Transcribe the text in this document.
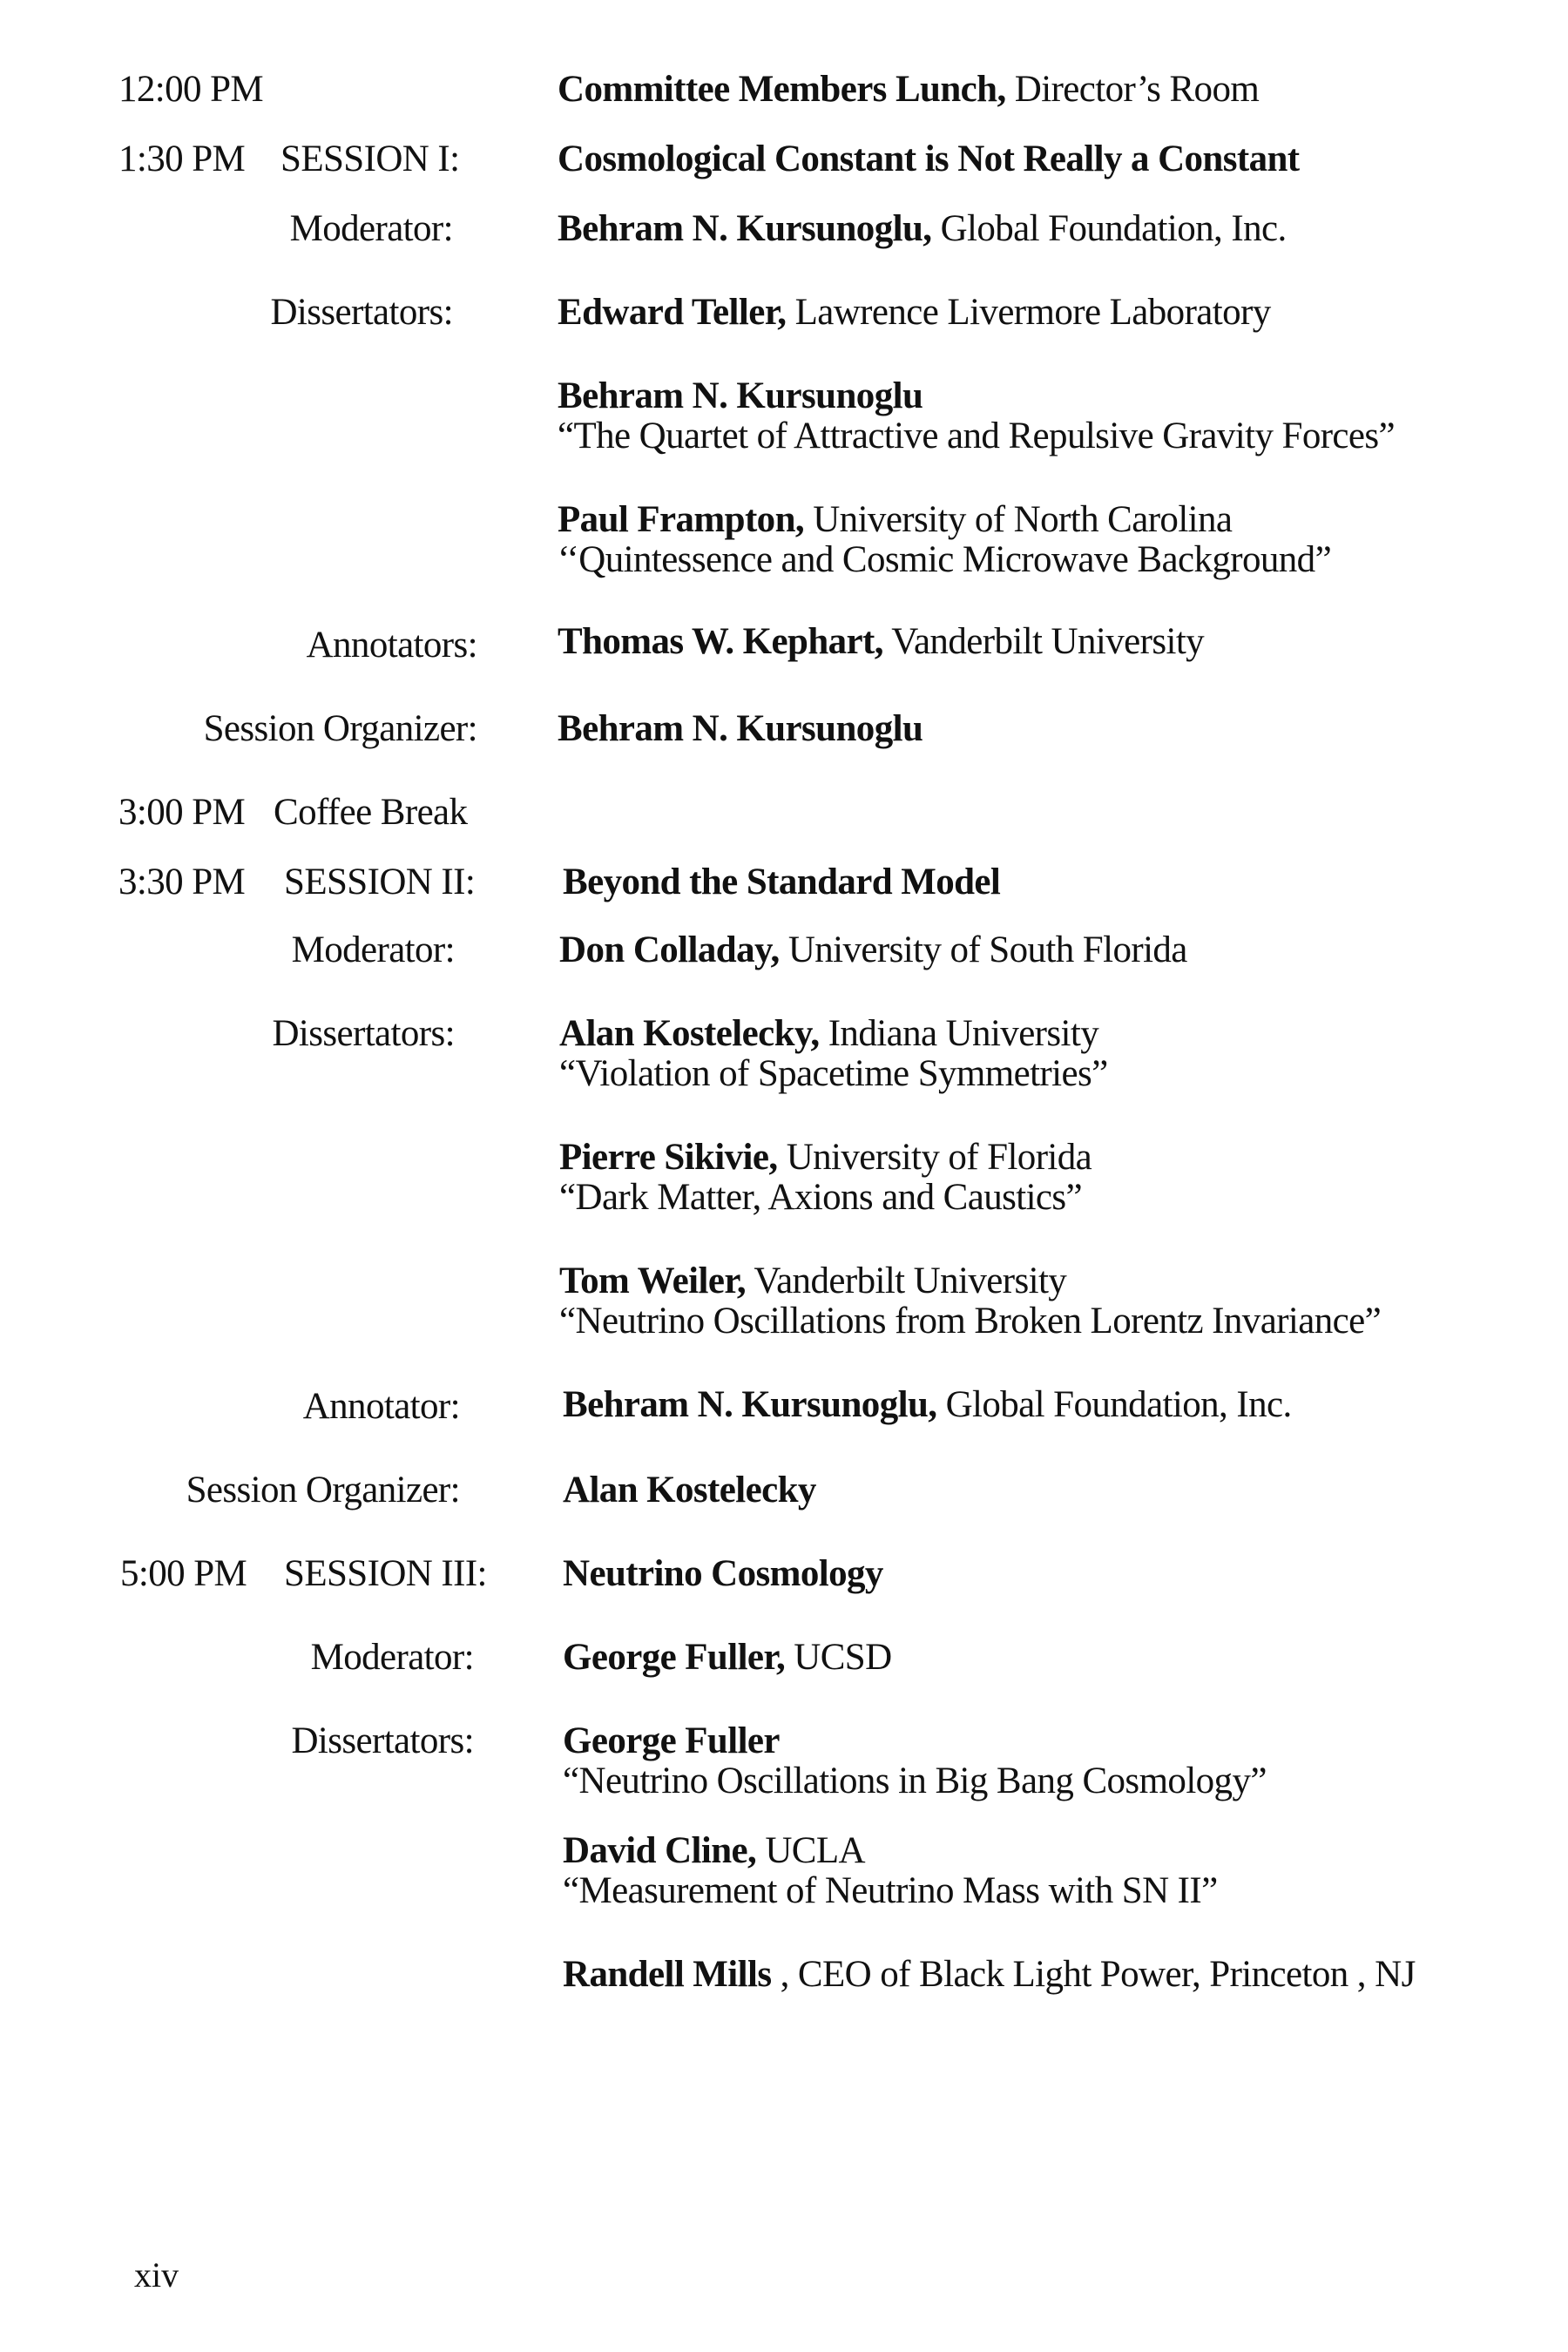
12:00 PM	Committee Members Lunch, Director’s Room
1:30 PM SESSION I:	Cosmological Constant is Not Really a Constant
Moderator:	Behram N. Kursunoglu, Global Foundation, Inc.
Dissertators:	Edward Teller, Lawrence Livermore Laboratory
Behram N. Kursunoglu
“The Quartet of Attractive and Repulsive Gravity Forces”
Paul Frampton, University of North Carolina
‘‘Quintessence and Cosmic Microwave Background”
Annotators: Thomas W. Kephart, Vanderbilt University
Session Organizer: Behram N. Kursunoglu
3:00 PM Coffee Break
3:30 PM SESSION II: Beyond the Standard Model
Moderator:	Don Colladay, University of South Florida
Dissertators:	Alan Kostelecky, Indiana University
“Violation of Spacetime Symmetries”
Pierre Sikivie, University of Florida
“Dark Matter, Axions and Caustics”
Tom Weiler, Vanderbilt University
“Neutrino Oscillations from Broken Lorentz Invariance”
Annotator:	Behram N. Kursunoglu, Global Foundation, Inc.
Session Organizer:	Alan Kostelecky
5:00 PM SESSION III: Neutrino Cosmology
Moderator: George Fuller, UCSD
Dissertators: George Fuller
“Neutrino Oscillations in Big Bang Cosmology”
David Cline, UCLA
“Measurement of Neutrino Mass with SN II”
Randell Mills , CEO of Black Light Power, Princeton , NJ
xiv
